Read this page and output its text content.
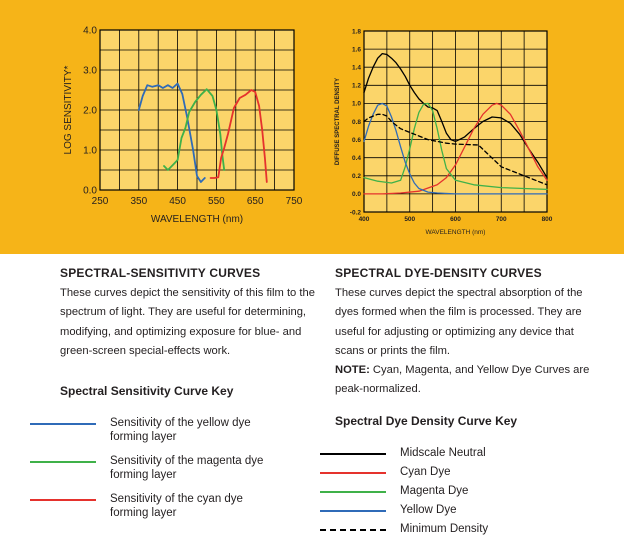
250 350 450 550 650 750
0.0
1.0
2.0
3.0
4.0
WAVELENGTH (nm)
LOG SENSITIVITY*
400	500	600	700	800
-0.2
0.0
0.2
0.4
0.6
0.8
1.0
1.2
1.4
1.6
1.8
WAVELENGTH (nm)
DIFFUSE SPECTRAL DENSITY
SPECTRAL-SENSITIVITY CURVES

These curves depict the sensitivity of this film to the

spectrum of light. They are useful for determining,

modifying, and optimizing exposure for blue- and

green-screen special-effects work.

Spectral Sensitivity Curve Key
Sensitivity of the yellow dye
forming layer
Sensitivity of the magenta dye
forming layer
Sensitivity of the cyan dye
forming layer
SPECTRAL DYE-DENSITY CURVES

These curves depict the spectral absorption of the

dyes formed when the film is processed. They are

useful for adjusting or optimizing any device that

scans or prints the film.

NOTE: Cyan, Magenta, and Yellow Dye Curves are

peak-normalized.

Spectral Dye Density Curve Key
Midscale Neutral
Cyan Dye
Magenta Dye
Yellow Dye
Minimum Density
